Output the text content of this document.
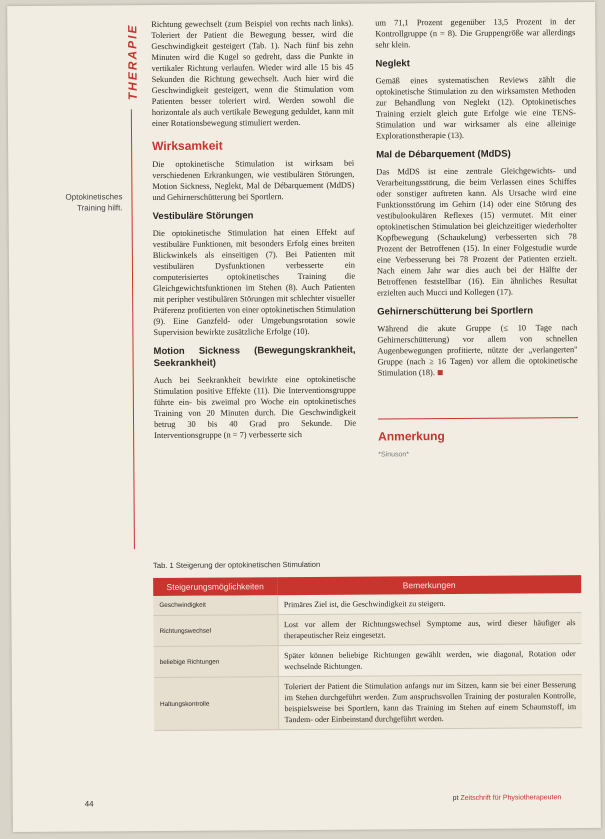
THERAPIE
Optokinetisches Training hilft.

Richtung gewechselt (zum Beispiel von rechts nach links). Toleriert der Patient die Bewegung besser, wird die Geschwindigkeit gesteigert (Tab. 1). Nach fünf bis zehn Minuten wird die Kugel so gedreht, dass die Punkte in vertikaler Richtung verlaufen. Wieder wird alle 15 bis 45 Sekunden die Richtung gewechselt. Auch hier wird die Geschwindigkeit gesteigert, wenn die Stimulation vom Patienten besser toleriert wird. Werden sowohl die horizontale als auch vertikale Bewegung geduldet, kann mit einer Rotationsbewegung stimuliert werden.

Wirksamkeit

Die optokinetische Stimulation ist wirksam bei verschiedenen Erkrankungen, wie vestibulären Störungen, Motion Sickness, Neglekt, Mal de Débarquement (MdDS) und Gehirnerschütterung bei Sportlern.

Vestibuläre Störungen

Die optokinetische Stimulation hat einen Effekt auf vestibuläre Funktionen, mit besonders Erfolg eines breiten Blickwinkels als einseitigen (7). Bei Patienten mit vestibulären Dysfunktionen verbesserte ein computerisiertes optokinetisches Training die Gleichgewichtsfunktionen im Stehen (8). Auch Patienten mit peripher vestibulären Störungen mit schlechter visueller Präferenz profitierten von einer optokinetischen Stimulation (9). Eine Ganzfeld- oder Umgebungsrotation sowie Supervision bewirkte zusätzliche Erfolge (10).

Motion Sickness (Bewegungskrankheit, Seekrankheit)

Auch bei Seekrankheit bewirkte eine optokinetische Stimulation positive Effekte (11). Die Interventionsgruppe führte ein- bis zweimal pro Woche ein optokinetisches Training von 20 Minuten durch. Die Geschwindigkeit betrug 30 bis 40 Grad pro Sekunde. Die Interventionsgruppe (n = 7) verbesserte sich

um 71,1 Prozent gegenüber 13,5 Prozent in der Kontrollgruppe (n = 8). Die Gruppengröße war allerdings sehr klein.

Neglekt

Gemäß eines systematischen Reviews zählt die optokinetische Stimulation zu den wirksamsten Methoden zur Behandlung von Neglekt (12). Optokinetisches Training erzielt gleich gute Erfolge wie eine TENS-Stimulation und war wirksamer als eine alleinige Explorationstherapie (13).

Mal de Débarquement (MdDS)

Das MdDS ist eine zentrale Gleichgewichts- und Verarbeitungsstörung, die beim Verlassen eines Schiffes oder sonstiger auftreten kann. Als Ursache wird eine Funktionsstörung im Gehirn (14) oder eine Störung des vestibulookulären Reflexes (15) vermutet. Mit einer optokinetischen Stimulation bei gleichzeitiger wiederholter Kopfbewegung (Schaukelung) verbesserten sich 78 Prozent der Betroffenen (15). In einer Folgestudie wurde eine Verbesserung bei 78 Prozent der Patienten erzielt. Nach einem Jahr war dies auch bei der Hälfte der Betroffenen feststellbar (16). Ein ähnliches Resultat erzielten auch Mucci und Kollegen (17).

Gehirnerschütterung bei Sportlern

Während die akute Gruppe (≤ 10 Tage nach Gehirnerschütterung) vor allem von schnellen Augenbewegungen profitierte, nützte der „verlangerten" Gruppe (nach ≥ 16 Tagen) vor allem die optokinetische Stimulation (18).

Anmerkung
*Sinuson*
Tab. 1 Steigerung der optokinetischen Stimulation
Steigerungsmöglichkeiten	Bemerkungen
Geschwindigkeit	Primäres Ziel ist, die Geschwindigkeit zu steigern.
Richtungswechsel	Lost vor allem der Richtungswechsel Symptome aus, wird dieser häufiger als therapeutischer Reiz eingesetzt.
beliebige Richtungen	Später können beliebige Richtungen gewählt werden, wie diagonal, Rotation oder wechselnde Richtungen.
Haltungskontrolle	Toleriert der Patient die Stimulation anfangs nur im Sitzen, kann sie bei einer Besserung im Stehen durchgeführt werden. Zum anspruchsvollen Training der posturalen Kontrolle, beispielsweise bei Sportlern, kann das Training im Stehen auf einem Schaumstoff, im Tandem- oder Einbeinstand durchgeführt werden.
44
pt Zeitschrift für Physiotherapeuten
